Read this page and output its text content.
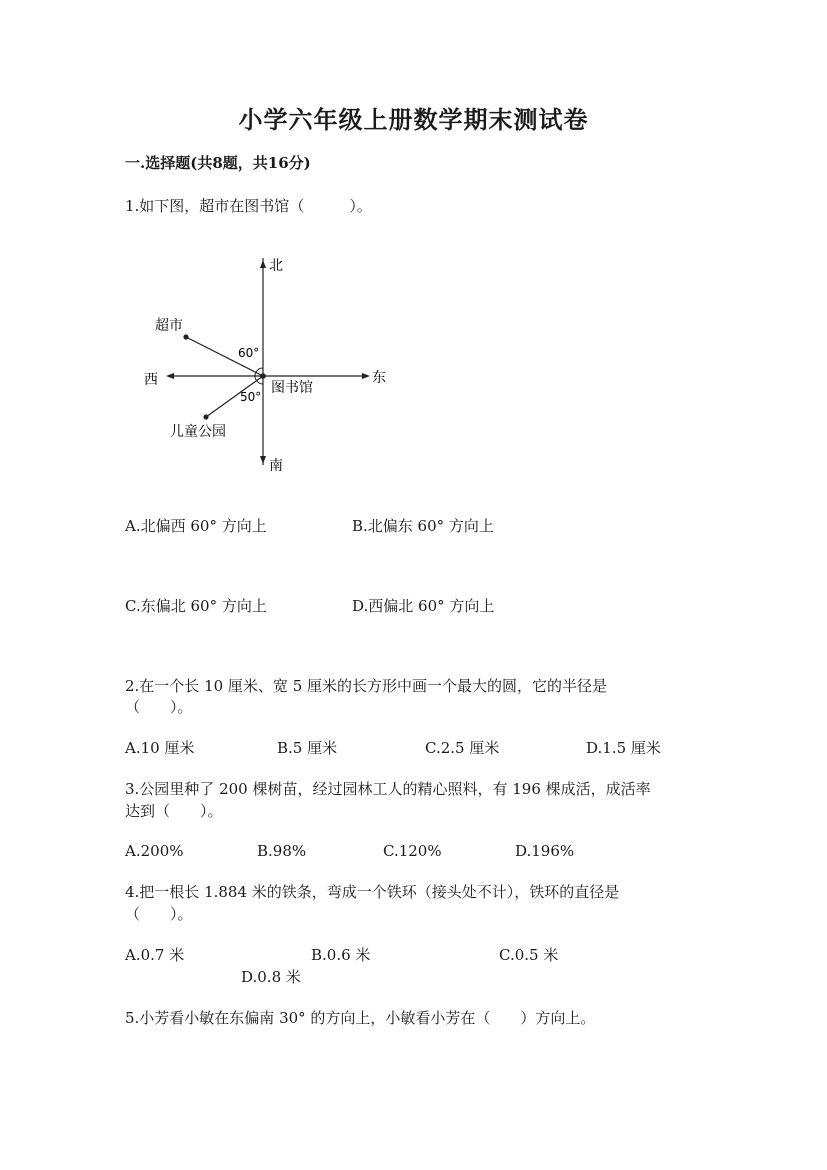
小学六年级上册数学期末测试卷
一.选择题(共8题，共16分)
1.如下图，超市在图书馆（　　　）。
北
南
东
西
超市
图书馆
儿童公园
60°
50°
A.北偏西 60° 方向上	B.北偏东 60° 方向上
C.东偏北 60° 方向上	D.西偏北 60° 方向上
2.在一个长 10 厘米、宽 5 厘米的长方形中画一个最大的圆，它的半径是
（　　）。
A.10 厘米	B.5 厘米	C.2.5 厘米	D.1.5 厘米
3.公园里种了 200 棵树苗，经过园林工人的精心照料，有 196 棵成活，成活率
达到（　　）。
A.200%	B.98%	C.120%	D.196%
4.把一根长 1.884 米的铁条，弯成一个铁环（接头处不计），铁环的直径是
（　　）。
A.0.7 米	B.0.6 米	C.0.5 米
D.0.8 米
5.小芳看小敏在东偏南 30° 的方向上，小敏看小芳在（　　）方向上。
